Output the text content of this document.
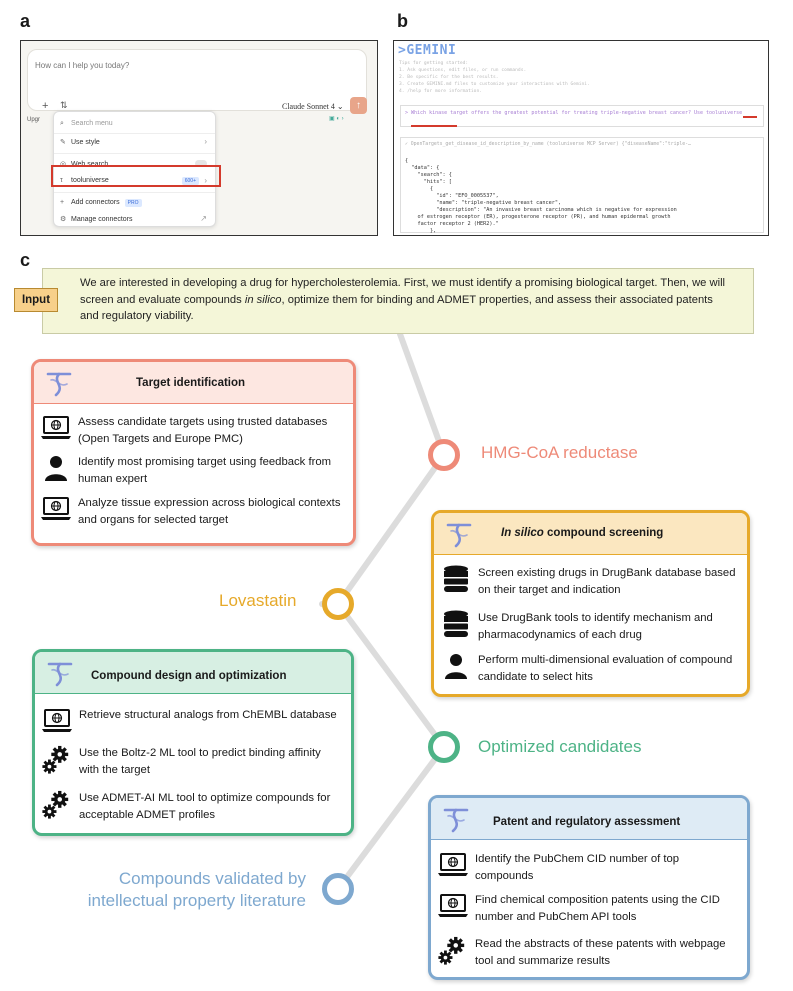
a	b
c
How can I help you today?
+ ⇅	Claude Sonnet 4 ⌄	↑
Upgr	▣ ◐ ›
⌕ Search menu
✎ Use style	›
◎ Web search
τ tooluniverse	600+	›
+ Add connectors PRO
⚙ Manage connectors	↗
>GEMINI
Tips for getting started:
1. Ask questions, edit files, or run commands.
2. Be specific for the best results.
3. Create GEMINI.md files to customize your interactions with Gemini.
4. /help for more information.
> Which kinase target offers the greatest potential for treating triple-negative breast cancer? Use tooluniverse
✓ OpenTargets_get_disease_id_description_by_name (tooluniverse MCP Server) {"diseaseName":"triple-…
{
"data": {
"search": {
"hits": [
{
"id": "EFO_0005537",
"name": "triple-negative breast cancer",
"description": "An invasive breast carcinoma which is negative for expression
of estrogen receptor (ER), progesterone receptor (PR), and human epidermal growth
factor receptor 2 (HER2)."
},
We are interested in developing a drug for hypercholesterolemia. First, we must identify a promising biological target. Then, we will screen and evaluate compounds in silico, optimize them for binding and ADMET properties, and assess their associated patents and regulatory viability.
Input
HMG-CoA reductase
Lovastatin
Optimized candidates
Compounds validated by intellectual property literature
Target identification
Assess candidate targets using trusted databases (Open Targets and Europe PMC)
Identify most promising target using feedback from human expert
Analyze tissue expression across biological contexts and organs for selected target
In silico compound screening
Screen existing drugs in DrugBank database based on their target and indication
Use DrugBank tools to identify mechanism and pharmacodynamics of each drug
Perform multi-dimensional evaluation of compound candidate to select hits
Compound design and optimization
Retrieve structural analogs from ChEMBL database
Use the Boltz-2 ML tool to predict binding affinity with the target
Use ADMET-AI ML tool to optimize compounds for acceptable ADMET profiles
Patent and regulatory assessment
Identify the PubChem CID number of top compounds
Find chemical composition patents using the CID number and PubChem API tools
Read the abstracts of these patents with webpage tool and summarize results
